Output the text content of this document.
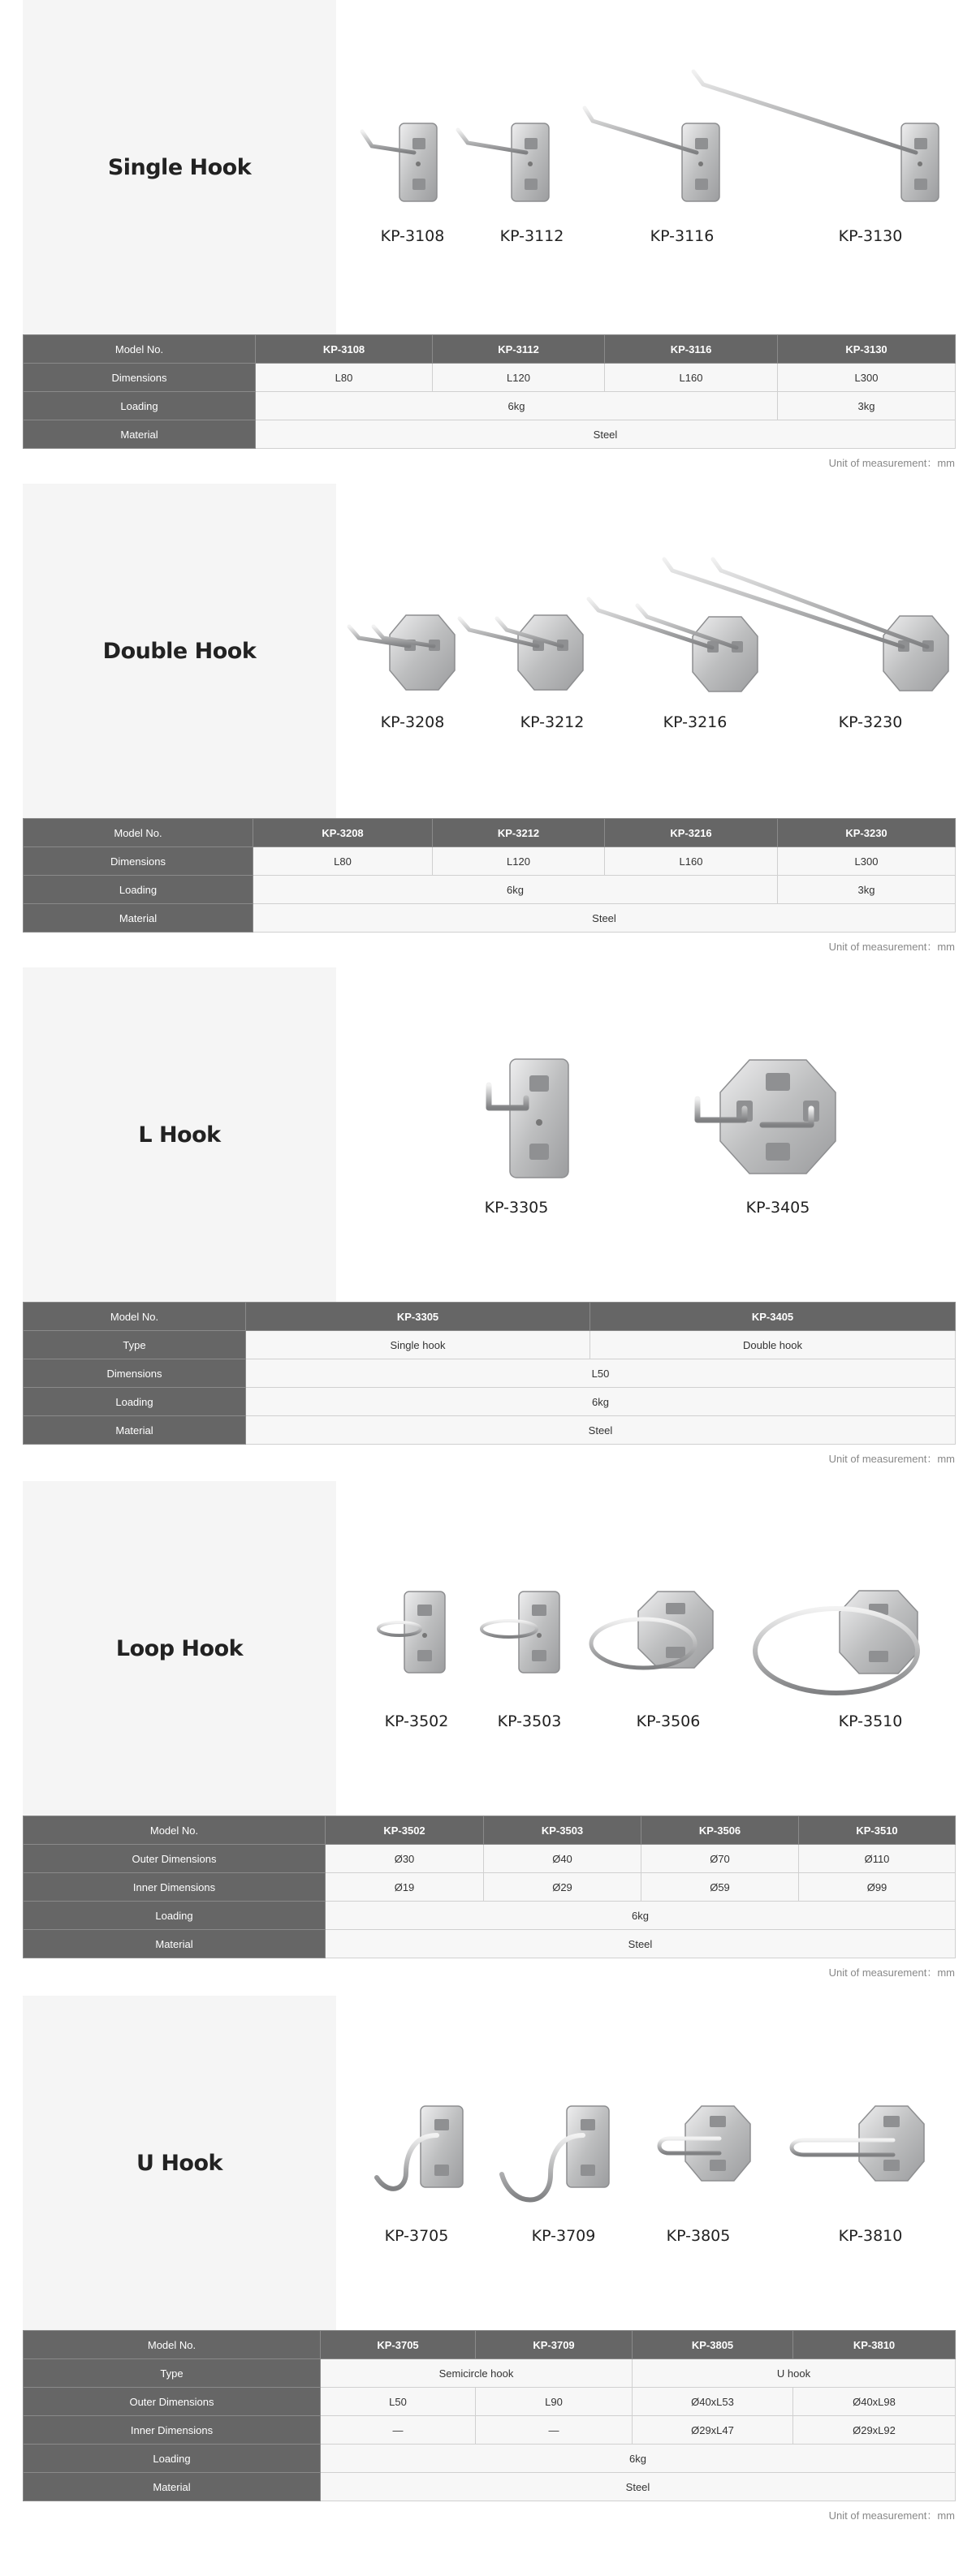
Single Hook
KP-3108	KP-3112	KP-3116	KP-3130
Model No.	KP-3108	KP-3112	KP-3116	KP-3130
Dimensions	L80	L120	L160	L300
Loading	6kg			3kg
Material	Steel			
Unit of measurement：mm
Double Hook
KP-3208	KP-3212	KP-3216	KP-3230
Model No.	KP-3208	KP-3212	KP-3216	KP-3230
Dimensions	L80	L120	L160	L300
Loading	6kg			3kg
Material	Steel			
Unit of measurement：mm
L Hook
KP-3305	KP-3405
Model No.	KP-3305	KP-3405
Type	Single hook	Double hook
Dimensions	L50	
Loading	6kg	
Material	Steel	
Unit of measurement：mm
Loop Hook
KP-3502	KP-3503	KP-3506	KP-3510
Model No.	KP-3502	KP-3503	KP-3506	KP-3510
Outer Dimensions	Ø30	Ø40	Ø70	Ø110
Inner Dimensions	Ø19	Ø29	Ø59	Ø99
Loading	6kg			
Material	Steel			
Unit of measurement：mm
U Hook
KP-3705	KP-3709	KP-3805	KP-3810
Model No.	KP-3705	KP-3709	KP-3805	KP-3810
Type	Semicircle hook		U hook	
Outer Dimensions	L50	L90	Ø40xL53	Ø40xL98
Inner Dimensions	—	—	Ø29xL47	Ø29xL92
Loading	6kg			
Material	Steel			
Unit of measurement：mm
